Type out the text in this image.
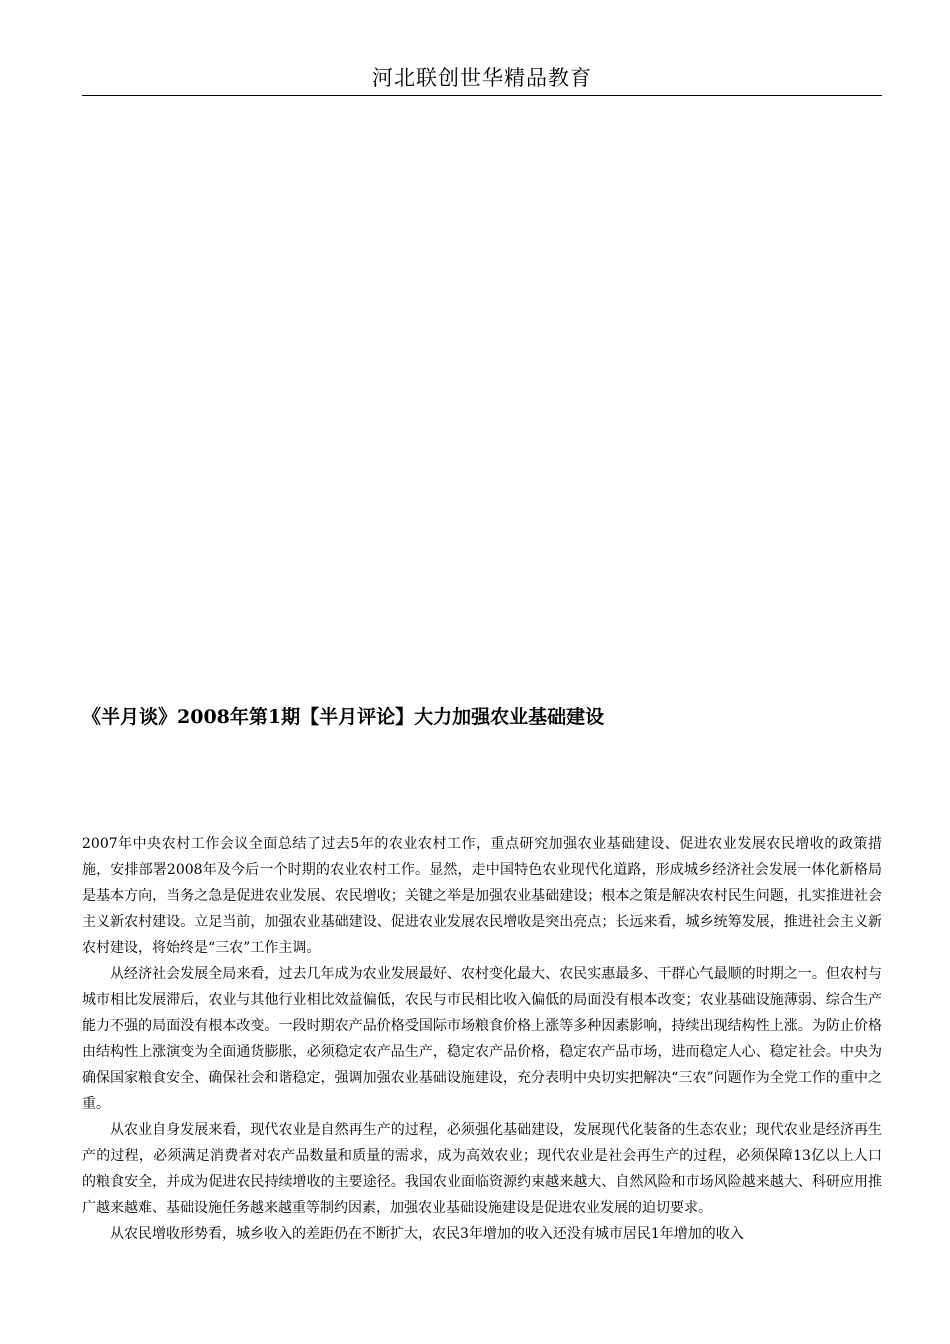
河北联创世华精品教育
《半月谈》2008年第1期【半月评论】大力加强农业基础建设

2007年中央农村工作会议全面总结了过去5年的农业农村工作，重点研究加强农业基础建设、促进农业发展农民增收的政策措施，安排部署2008年及今后一个时期的农业农村工作。显然，走中国特色农业现代化道路，形成城乡经济社会发展一体化新格局是基本方向，当务之急是促进农业发展、农民增收；关键之举是加强农业基础建设；根本之策是解决农村民生问题，扎实推进社会主义新农村建设。立足当前，加强农业基础建设、促进农业发展农民增收是突出亮点；长远来看，城乡统筹发展，推进社会主义新农村建设，将始终是“三农”工作主调。

从经济社会发展全局来看，过去几年成为农业发展最好、农村变化最大、农民实惠最多、干群心气最顺的时期之一。但农村与城市相比发展滞后，农业与其他行业相比效益偏低，农民与市民相比收入偏低的局面没有根本改变；农业基础设施薄弱、综合生产能力不强的局面没有根本改变。一段时期农产品价格受国际市场粮食价格上涨等多种因素影响，持续出现结构性上涨。为防止价格由结构性上涨演变为全面通货膨胀，必须稳定农产品生产，稳定农产品价格，稳定农产品市场，进而稳定人心、稳定社会。中央为确保国家粮食安全、确保社会和谐稳定，强调加强农业基础设施建设，充分表明中央切实把解决“三农”问题作为全党工作的重中之重。

从农业自身发展来看，现代农业是自然再生产的过程，必须强化基础建设，发展现代化装备的生态农业；现代农业是经济再生产的过程，必须满足消费者对农产品数量和质量的需求，成为高效农业；现代农业是社会再生产的过程，必须保障13亿以上人口的粮食安全，并成为促进农民持续增收的主要途径。我国农业面临资源约束越来越大、自然风险和市场风险越来越大、科研应用推广越来越难、基础设施任务越来越重等制约因素，加强农业基础设施建设是促进农业发展的迫切要求。

从农民增收形势看，城乡收入的差距仍在不断扩大，农民3年增加的收入还没有城市居民1年增加的收入
